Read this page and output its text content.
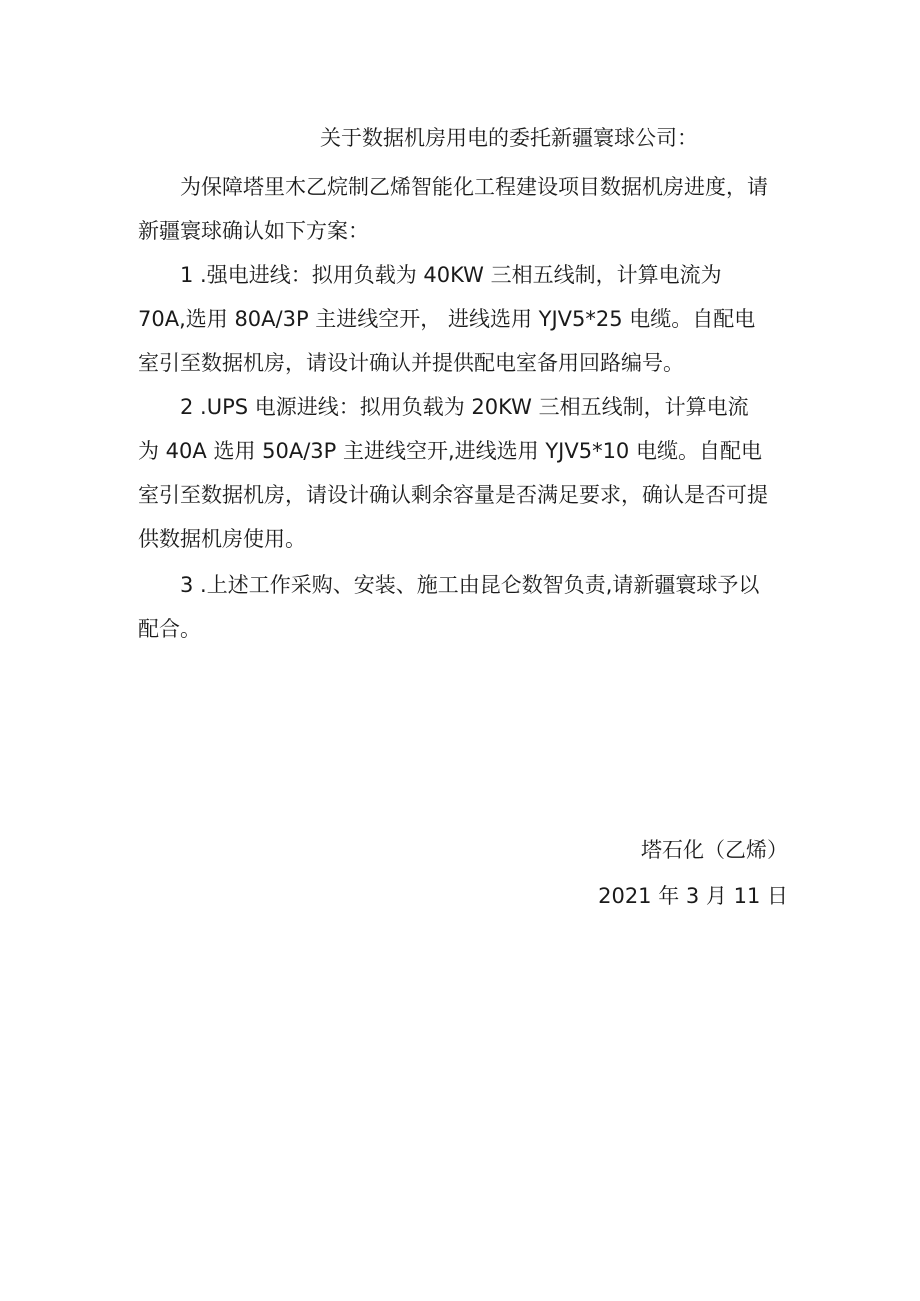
关于数据机房用电的委托新疆寰球公司：
为保障塔里木乙烷制乙烯智能化工程建设项目数据机房进度，请
新疆寰球确认如下方案：
1 .强电进线：拟用负载为 40KW 三相五线制，计算电流为
70A,选用 80A/3P 主进线空开， 进线选用 YJV5*25 电缆。自配电
室引至数据机房，请设计确认并提供配电室备用回路编号。
2 .UPS 电源进线：拟用负载为 20KW 三相五线制，计算电流
为 40A 选用 50A/3P 主进线空开,进线选用 YJV5*10 电缆。自配电
室引至数据机房，请设计确认剩余容量是否满足要求，确认是否可提
供数据机房使用。
3 .上述工作采购、安装、施工由昆仑数智负责,请新疆寰球予以
配合。
塔石化（乙烯）
2021 年 3 月 11 日
